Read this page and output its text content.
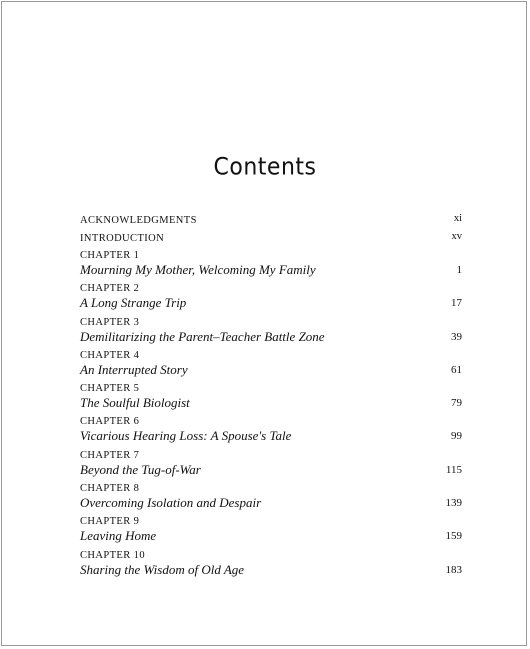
Contents
ACKNOWLEDGMENTS	xi
INTRODUCTION	xv
CHAPTER 1
Mourning My Mother, Welcoming My Family	1
CHAPTER 2
A Long Strange Trip	17
CHAPTER 3
Demilitarizing the Parent–Teacher Battle Zone	39
CHAPTER 4
An Interrupted Story	61
CHAPTER 5
The Soulful Biologist	79
CHAPTER 6
Vicarious Hearing Loss: A Spouse's Tale	99
CHAPTER 7
Beyond the Tug-of-War	115
CHAPTER 8
Overcoming Isolation and Despair	139
CHAPTER 9
Leaving Home	159
CHAPTER 10
Sharing the Wisdom of Old Age	183
